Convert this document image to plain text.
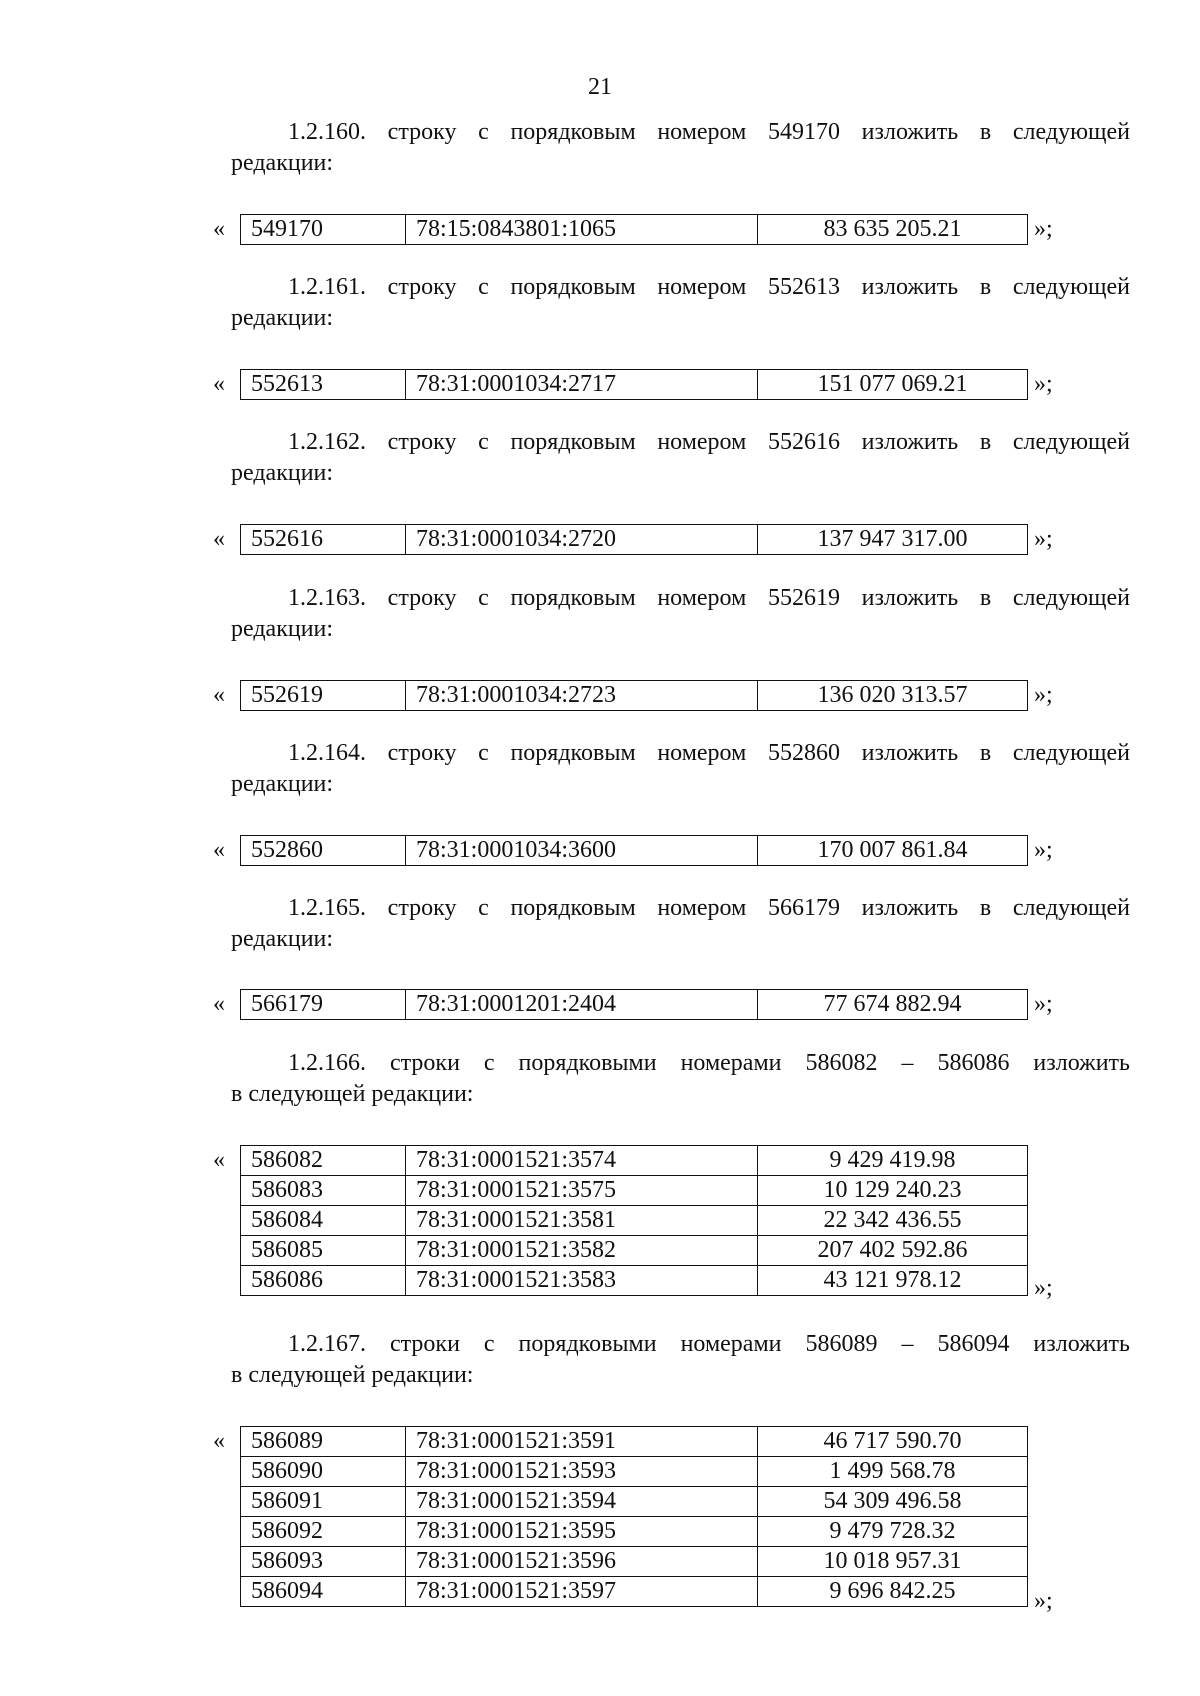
21
1.2.160. строку с порядковым номером 549170 изложить в следующей
редакции:
« 549170	78:15:0843801:1065	83 635 205.21	»;
1.2.161. строку с порядковым номером 552613 изложить в следующей
редакции:
« 552613	78:31:0001034:2717	151 077 069.21	»;
1.2.162. строку с порядковым номером 552616 изложить в следующей
редакции:
« 552616	78:31:0001034:2720	137 947 317.00	»;
1.2.163. строку с порядковым номером 552619 изложить в следующей
редакции:
« 552619	78:31:0001034:2723	136 020 313.57	»;
1.2.164. строку с порядковым номером 552860 изложить в следующей
редакции:
« 552860	78:31:0001034:3600	170 007 861.84	»;
1.2.165. строку с порядковым номером 566179 изложить в следующей
редакции:
« 566179	78:31:0001201:2404	77 674 882.94	»;
1.2.166. строки с порядковыми номерами 586082 – 586086 изложить
в следующей редакции:
« 586082	78:31:0001521:3574	9 429 419.98
586083	78:31:0001521:3575	10 129 240.23
586084	78:31:0001521:3581	22 342 436.55
586085	78:31:0001521:3582	207 402 592.86
586086	78:31:0001521:3583	43 121 978.12	»;
1.2.167. строки с порядковыми номерами 586089 – 586094 изложить
в следующей редакции:
« 586089	78:31:0001521:3591	46 717 590.70
586090	78:31:0001521:3593	1 499 568.78
586091	78:31:0001521:3594	54 309 496.58
586092	78:31:0001521:3595	9 479 728.32
586093	78:31:0001521:3596	10 018 957.31
586094	78:31:0001521:3597	9 696 842.25	»;
